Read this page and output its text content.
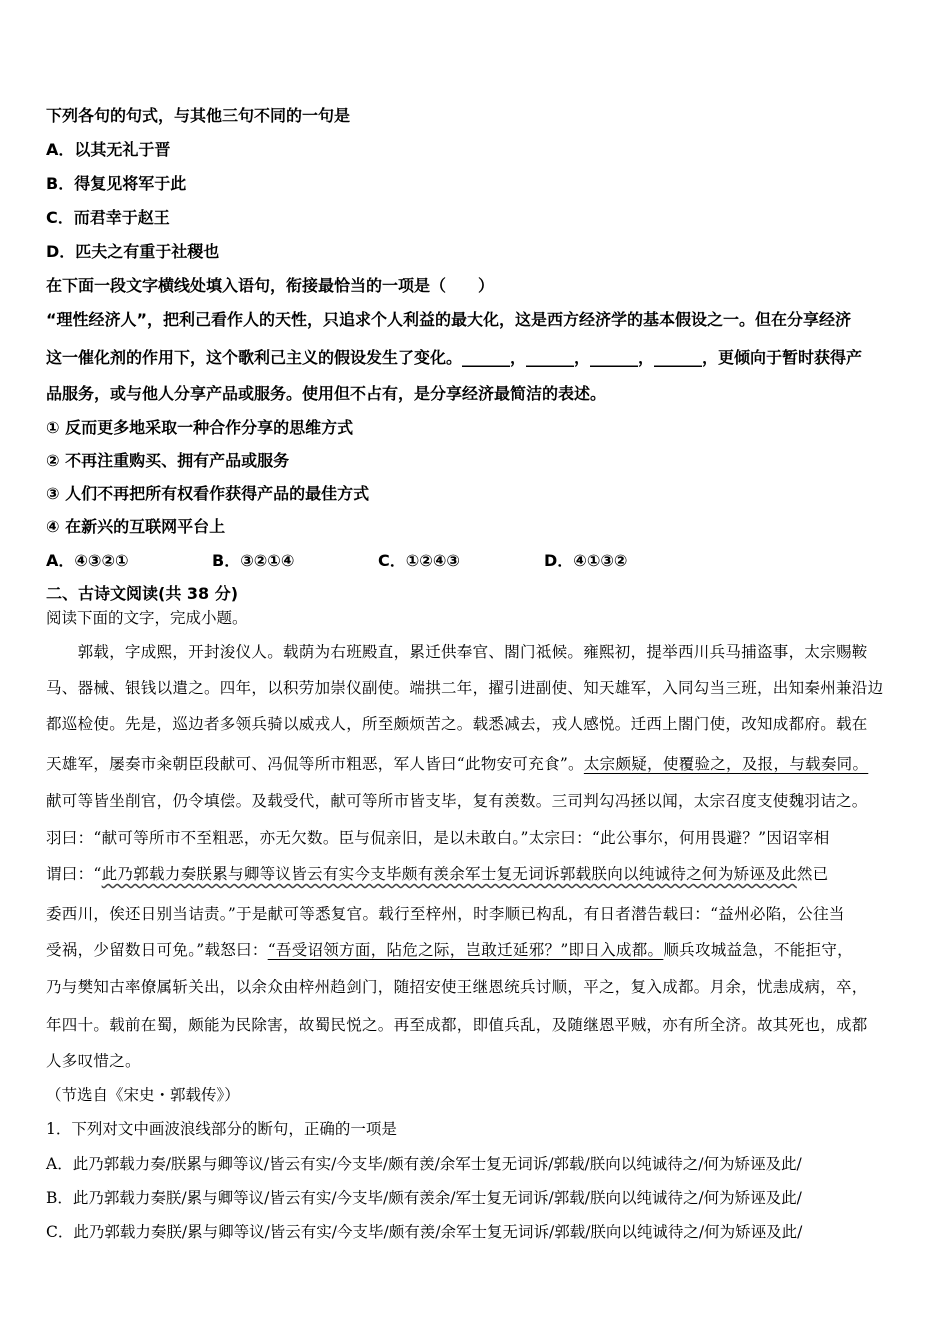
下列各句的句式，与其他三句不同的一句是
A．以其无礼于晋
B．得复见将军于此
C．而君幸于赵王
D．匹夫之有重于社稷也
在下面一段文字横线处填入语句，衔接最恰当的一项是（　　）
“理性经济人”，把利己看作人的天性，只追求个人利益的最大化，这是西方经济学的基本假设之一。但在分享经济
这一催化剂的作用下，这个歌利己主义的假设发生了变化。______，______，______，______，更倾向于暂时获得产
品服务，或与他人分享产品或服务。使用但不占有，是分享经济最简洁的表述。
① 反而更多地采取一种合作分享的思维方式
② 不再注重购买、拥有产品或服务
③ 人们不再把所有权看作获得产品的最佳方式
④ 在新兴的互联网平台上
A．④③②①	B．③②①④	C．①②④③	D．④①③②
二、古诗文阅读(共 38 分)
阅读下面的文字，完成小题。
　　郭载，字成熙，开封浚仪人。载荫为右班殿直，累迁供奉官、閤门祗候。雍熙初，提举西川兵马捕盗事，太宗赐鞍
马、器械、银钱以遣之。四年，以积劳加崇仪副使。端拱二年，擢引进副使、知天雄军，入同勾当三班，出知秦州兼沿边
都巡检使。先是，巡边者多领兵骑以威戎人，所至颇烦苦之。载悉减去，戎人感悦。迁西上閤门使，改知成都府。载在
天雄军，屡奏市籴朝臣段献可、冯侃等所市粗恶，军人皆曰“此物安可充食”。太宗颇疑，使覆验之，及报，与载奏同。
献可等皆坐削官，仍令填偿。及载受代，献可等所市皆支毕，复有羡数。三司判勾冯拯以闻，太宗召度支使魏羽诘之。
羽曰：“献可等所市不至粗恶，亦无欠数。臣与侃亲旧，是以未敢白。”太宗曰：“此公事尔，何用畏避？”因诏宰相
谓曰：“此乃郭载力奏朕累与卿等议皆云有实今支毕颇有羡余军士复无词诉郭载朕向以纯诚待之何为矫诬及此然已
委西川，俟还日别当诘责。”于是献可等悉复官。载行至梓州，时李顺已构乱，有日者潜告载曰：“益州必陷，公往当
受祸，少留数日可免。”载怒曰：“吾受诏领方面，阽危之际，岂敢迁延邪？”即日入成都。顺兵攻城益急，不能拒守，
乃与樊知古率僚属斩关出，以余众由梓州趋剑门，随招安使王继恩统兵讨顺，平之，复入成都。月余，忧恚成病，卒，
年四十。载前在蜀，颇能为民除害，故蜀民悦之。再至成都，即值兵乱，及随继恩平贼，亦有所全济。故其死也，成都
人多叹惜之。
（节选自《宋史・郭载传》）
1．下列对文中画波浪线部分的断句，正确的一项是
A．此乃郭载力奏/朕累与卿等议/皆云有实/今支毕/颇有羡/余军士复无词诉/郭载/朕向以纯诚待之/何为矫诬及此/
B．此乃郭载力奏朕/累与卿等议/皆云有实/今支毕/颇有羡余/军士复无词诉/郭载/朕向以纯诚待之/何为矫诬及此/
C．此乃郭载力奏朕/累与卿等议/皆云有实/今支毕/颇有羡/余军士复无词诉/郭载/朕向以纯诚待之/何为矫诬及此/
